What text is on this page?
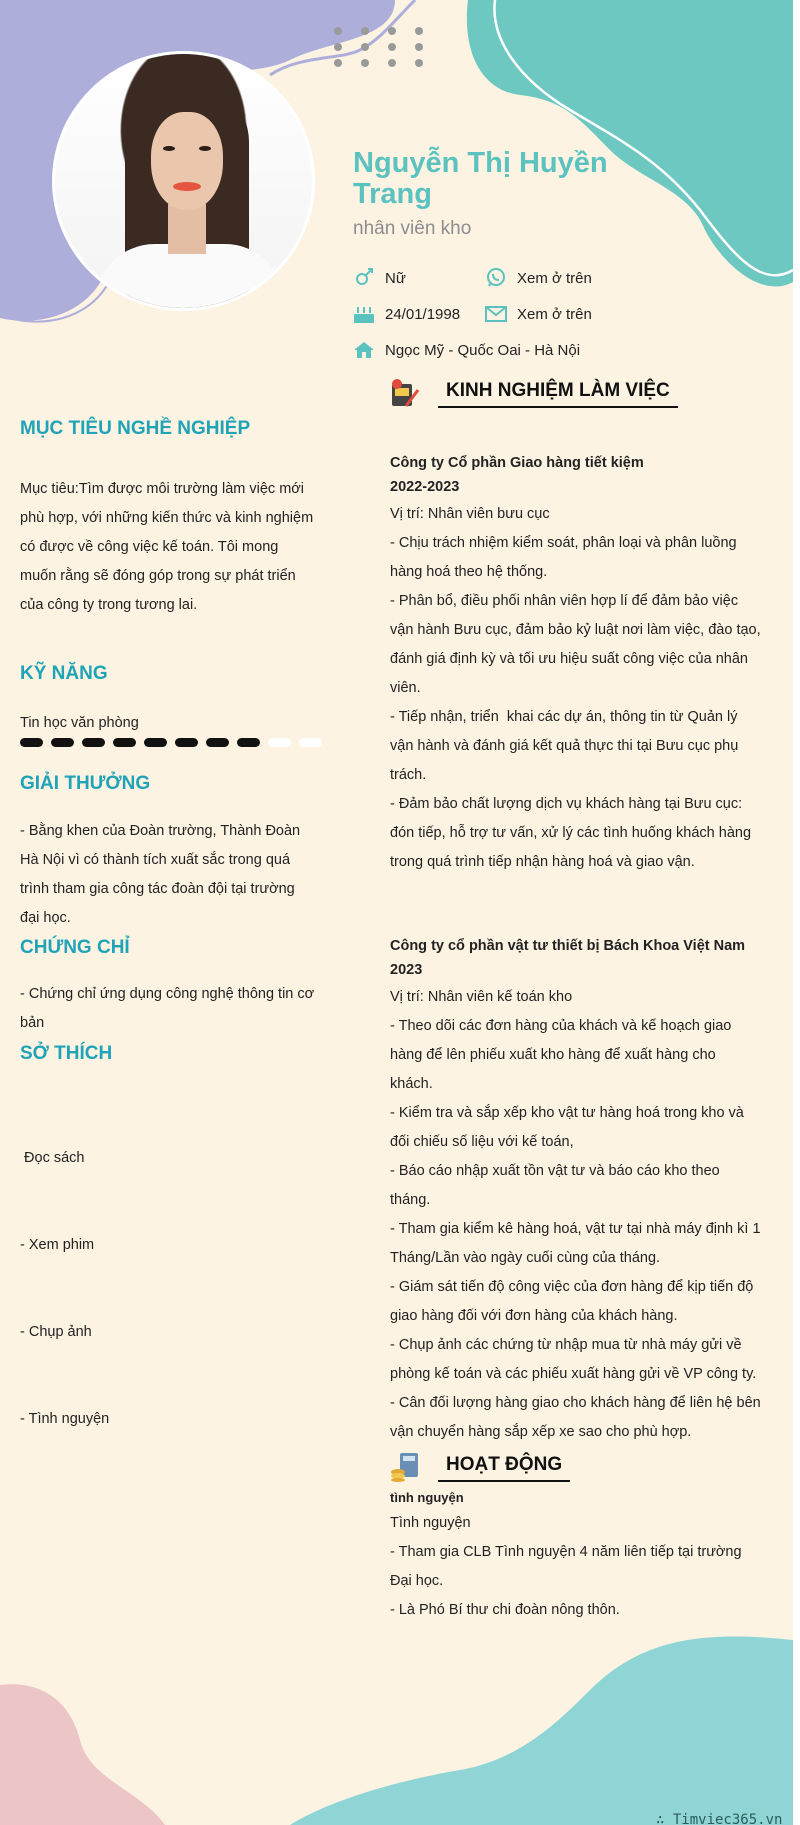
Nguyễn Thị Huyền Trang
nhân viên kho
Nữ	Xem ở trên
24/01/1998	Xem ở trên
Ngọc Mỹ - Quốc Oai - Hà Nội
MỤC TIÊU NGHỀ NGHIỆP
Mục tiêu:Tìm được môi trường làm việc mới
phù hợp, với những kiến thức và kinh nghiệm
có được về công việc kế toán. Tôi mong
muốn rằng sẽ đóng góp trong sự phát triển
của công ty trong tương lai.
KỸ NĂNG
Tin học văn phòng
GIẢI THƯỞNG
- Bằng khen của Đoàn trường, Thành Đoàn
Hà Nội vì có thành tích xuất sắc trong quá
trình tham gia công tác đoàn đội tại trường
đại học.
CHỨNG CHỈ
- Chứng chỉ ứng dụng công nghệ thông tin cơ
bản
SỞ THÍCH

Đọc sách

- Xem phim

- Chụp ảnh

- Tình nguyện

KINH NGHIỆM LÀM VIỆC
Công ty Cổ phần Giao hàng tiết kiệm
2022-2023
Vị trí: Nhân viên bưu cục
- Chịu trách nhiệm kiểm soát, phân loại và phân luồng
hàng hoá theo hệ thống.
- Phân bổ, điều phối nhân viên hợp lí để đảm bảo việc
vận hành Bưu cục, đảm bảo kỷ luật nơi làm việc, đào tạo,
đánh giá định kỳ và tối ưu hiệu suất công việc của nhân
viên.
- Tiếp nhận, triển  khai các dự án, thông tin từ Quản lý
vận hành và đánh giá kết quả thực thi tại Bưu cục phụ
trách.
- Đảm bảo chất lượng dịch vụ khách hàng tại Bưu cục:
đón tiếp, hỗ trợ tư vấn, xử lý các tình huống khách hàng
trong quá trình tiếp nhận hàng hoá và giao vận.
Công ty cổ phần vật tư thiết bị Bách Khoa Việt Nam
2023
Vị trí: Nhân viên kế toán kho
- Theo dõi các đơn hàng của khách và kế hoạch giao
hàng để lên phiếu xuất kho hàng để xuất hàng cho
khách.
- Kiểm tra và sắp xếp kho vật tư hàng hoá trong kho và
đối chiếu số liệu với kế toán,
- Báo cáo nhập xuất tồn vật tư và báo cáo kho theo
tháng.
- Tham gia kiểm kê hàng hoá, vật tư tại nhà máy định kì 1
Tháng/Lần vào ngày cuối cùng của tháng.
- Giám sát tiến độ công việc của đơn hàng để kịp tiến độ
giao hàng đối với đơn hàng của khách hàng.
- Chụp ảnh các chứng từ nhập mua từ nhà máy gửi về
phòng kế toán và các phiếu xuất hàng gửi về VP công ty.
- Cân đối lượng hàng giao cho khách hàng để liên hệ bên
vận chuyển hàng sắp xếp xe sao cho phù hợp.
HOẠT ĐỘNG
tình nguyện
Tình nguyện
- Tham gia CLB Tình nguyện 4 năm liên tiếp tại trường
Đại học.
- Là Phó Bí thư chi đoàn nông thôn.
∴ Timviec365.vn
